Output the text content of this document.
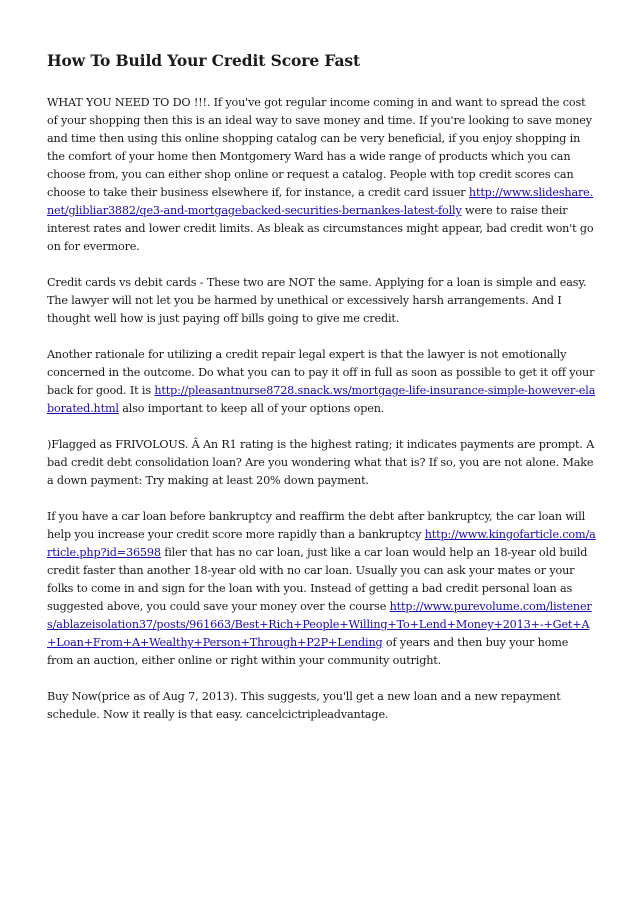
How To Build Your Credit Score Fast

WHAT YOU NEED TO DO !!!. If you've got regular income coming in and want to spread the cost of your shopping then this is an ideal way to save money and time. If you're looking to save money and time then using this online shopping catalog can be very beneficial, if you enjoy shopping in the comfort of your home then Montgomery Ward has a wide range of products which you can choose from, you can either shop online or request a catalog. People with top credit scores can choose to take their business elsewhere if, for instance, a credit card issuer http://www.slideshare.net/glibliar3882/qe3-and-mortgagebacked-securities-bernankes-latest-folly were to raise their interest rates and lower credit limits. As bleak as circumstances might appear, bad credit won't go on for evermore.

Credit cards vs debit cards - These two are NOT the same. Applying for a loan is simple and easy. The lawyer will not let you be harmed by unethical or excessively harsh arrangements. And I thought well how is just paying off bills going to give me credit.

Another rationale for utilizing a credit repair legal expert is that the lawyer is not emotionally concerned in the outcome. Do what you can to pay it off in full as soon as possible to get it off your back for good. It is http://pleasantnurse8728.snack.ws/mortgage-life-insurance-simple-however-elaborated.html also important to keep all of your options open.

)Flagged as FRIVOLOUS. Â An R1 rating is the highest rating; it indicates payments are prompt. A bad credit debt consolidation loan? Are you wondering what that is? If so, you are not alone. Make a down payment: Try making at least 20% down payment.

If you have a car loan before bankruptcy and reaffirm the debt after bankruptcy, the car loan will help you increase your credit score more rapidly than a bankruptcy http://www.kingofarticle.com/article.php?id=36598 filer that has no car loan, just like a car loan would help an 18-year old build credit faster than another 18-year old with no car loan. Usually you can ask your mates or your folks to come in and sign for the loan with you. Instead of getting a bad credit personal loan as suggested above, you could save your money over the course http://www.purevolume.com/listeners/ablazeisolation37/posts/961663/Best+Rich+People+Willing+To+Lend+Money+2013+-+Get+A+Loan+From+A+Wealthy+Person+Through+P2P+Lending of years and then buy your home from an auction, either online or right within your community outright.

Buy Now(price as of Aug 7, 2013). This suggests, you'll get a new loan and a new repayment schedule. Now it really is that easy. cancelcictripleadvantage.
